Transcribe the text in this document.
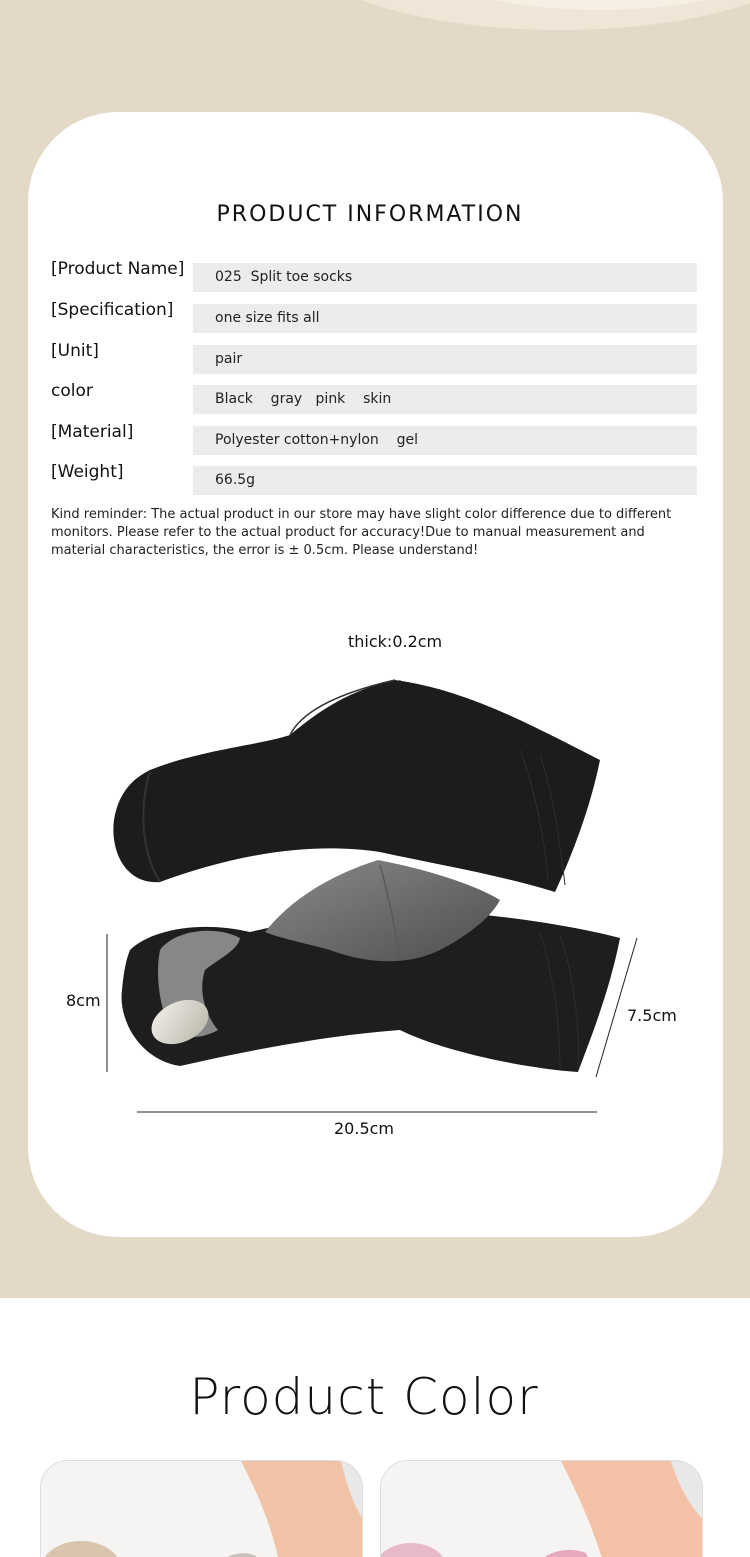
PRODUCT INFORMATION
[Product Name]	025  Split toe socks
[Specification]	one size fits all
[Unit]	pair
color	Black    gray   pink    skin
[Material]	Polyester cotton+nylon    gel
[Weight]	66.5g

Kind reminder: The actual product in our store may have slight color difference due to different monitors. Please refer to the actual product for accuracy!Due to manual measurement and material characteristics, the error is ± 0.5cm. Please understand!

thick:0.2cm
8cm
7.5cm
20.5cm
Product Color
